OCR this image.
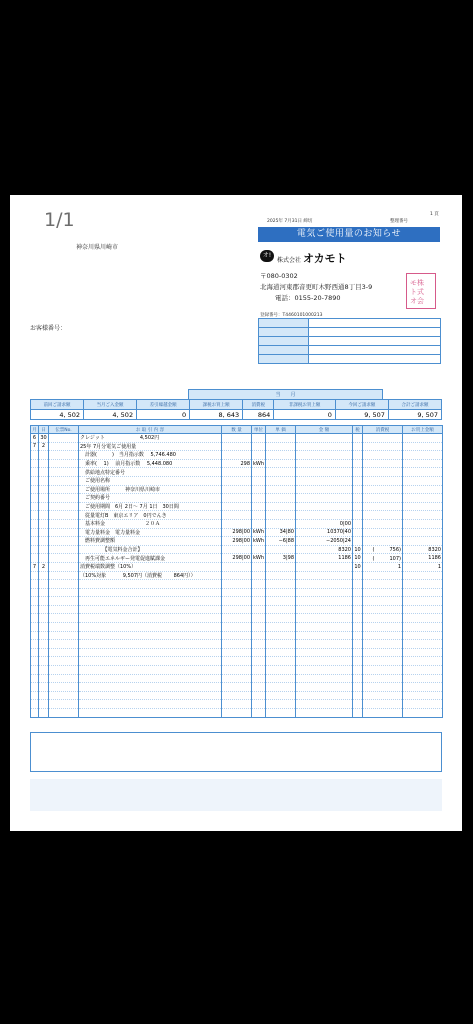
1/1	1 頁
2025年 7月31日 締切	整理番号
電気ご使用量のお知らせ
神奈川県川崎市
お客様番号：
オ!
株式会社 オカモト
〒080-0302
北海道河東郡音更町木野西通8丁目3-9
電話：0155-20-7890
モ株
ト式
オ会
登録番号：T4460101000213

当　　月
前回ご請求額	当月ご入金額	差引繰越金額	課税お買上額	消費税	非課税お買上額	今回ご請求額	合計ご請求額
4, 502	4, 502	0	8, 643	864	0	9, 507	9, 507
月	日	伝票No.	お 取 引 内 容	数 量	単位	単 価	金 額	税	消費税	お買上金額
6	30		クレジット　　　　　　　4,502円							
7	2		25年 7月分電気ご使用量							
			　計器(　　　)　当月指示数　 5,746.480							
			　乗率(　 1)　 前月指示数　 5,448.080	298	kWh					
			　供給地点特定番号							
			　ご使用名称							
			　ご使用場所　　　神奈川県川崎市							
			　ご契約番号							
			　ご使用期間　6月 2日〜 7月 1日　30日間							
			　従量電灯B　東京エリア　0円でんき							
			　基本料金　　　　　　　　２０Ａ				0|00			
			　電力量料金　電力量料金	298|00	kWh	34|80	10370|40			
			　燃料費調整額	298|00	kWh	−6|88	−2050|24			
			　　　　　【電気料金合計】				8320	10	(　　　756)	8320
			　再生可能エネルギー発電促進賦課金	298|00	kWh	3|98	1186	10	(　　　107)	1186
7	2		消費税端数調整（10%）					10	1	1
			（10%対象　　　 9,507円（消費税　　 864円））							
